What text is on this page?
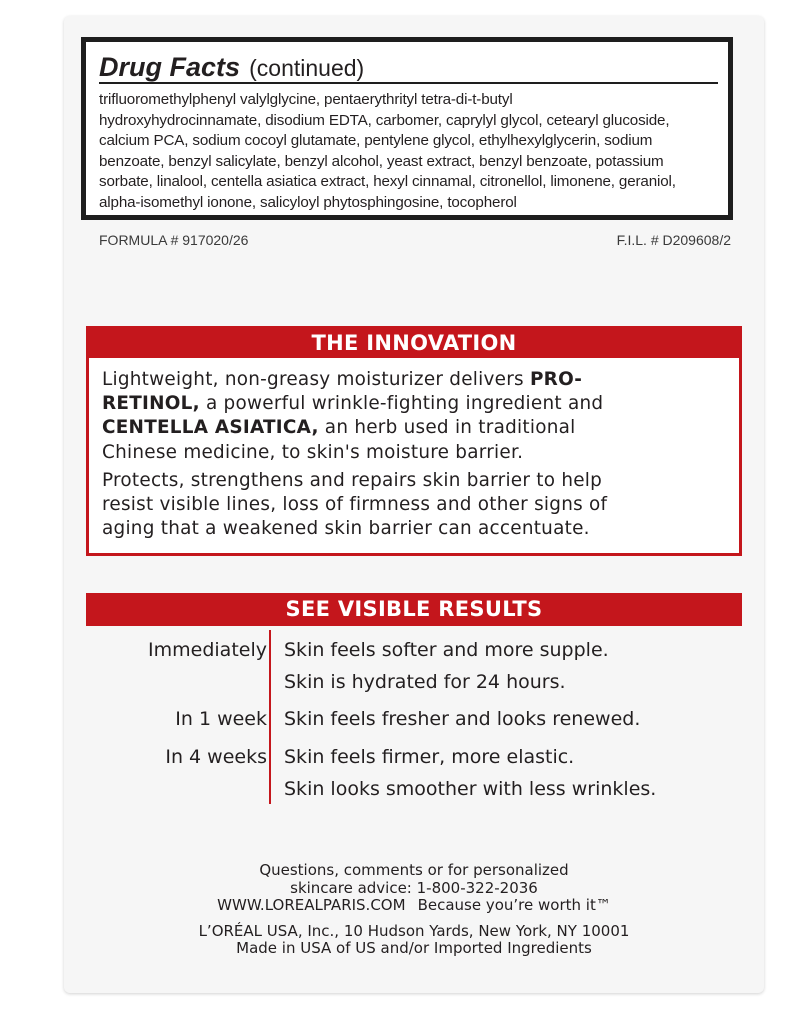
Drug Facts (continued)
trifluoromethylphenyl valylglycine, pentaerythrityl tetra-di-t-butyl
hydroxyhydrocinnamate, disodium EDTA, carbomer, caprylyl glycol, cetearyl glucoside,
calcium PCA, sodium cocoyl glutamate, pentylene glycol, ethylhexylglycerin, sodium
benzoate, benzyl salicylate, benzyl alcohol, yeast extract, benzyl benzoate, potassium
sorbate, linalool, centella asiatica extract, hexyl cinnamal, citronellol, limonene, geraniol,
alpha-isomethyl ionone, salicyloyl phytosphingosine, tocopherol
FORMULA # 917020/26	F.I.L. # D209608/2
THE INNOVATION
Lightweight, non-greasy moisturizer delivers PRO-
RETINOL, a powerful wrinkle-fighting ingredient and
CENTELLA ASIATICA, an herb used in traditional
Chinese medicine, to skin's moisture barrier.
Protects, strengthens and repairs skin barrier to help
resist visible lines, loss of firmness and other signs of
aging that a weakened skin barrier can accentuate.
SEE VISIBLE RESULTS
Immediately Skin feels softer and more supple.
Skin is hydrated for 24 hours.
In 1 week Skin feels fresher and looks renewed.
In 4 weeks Skin feels firmer, more elastic.
Skin looks smoother with less wrinkles.
Questions, comments or for personalized
skincare advice: 1-800-322-2036
WWW.LOREALPARIS.COM Because you’re worth it™
L’ORÉAL USA, Inc., 10 Hudson Yards, New York, NY 10001
Made in USA of US and/or Imported Ingredients
